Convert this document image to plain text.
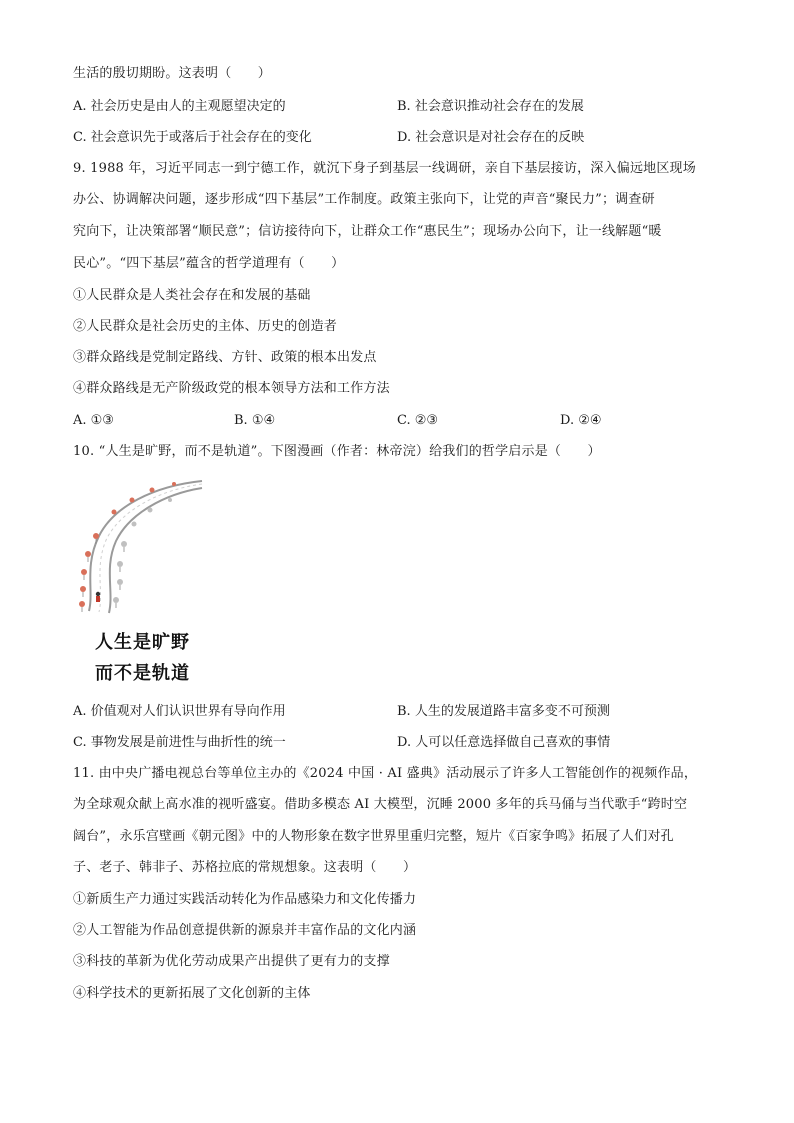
生活的殷切期盼。这表明（　　）
A. 社会历史是由人的主观愿望决定的	B. 社会意识推动社会存在的发展
C. 社会意识先于或落后于社会存在的变化	D. 社会意识是对社会存在的反映
9. 1988 年，习近平同志一到宁德工作，就沉下身子到基层一线调研，亲自下基层接访，深入偏远地区现场
办公、协调解决问题，逐步形成“四下基层”工作制度。政策主张向下，让党的声音“聚民力”；调查研
究向下，让决策部署“顺民意”；信访接待向下，让群众工作“惠民生”；现场办公向下，让一线解题“暖
民心”。“四下基层”蕴含的哲学道理有（　　）
①人民群众是人类社会存在和发展的基础
②人民群众是社会历史的主体、历史的创造者
③群众路线是党制定路线、方针、政策的根本出发点
④群众路线是无产阶级政党的根本领导方法和工作方法
A. ①③	B. ①④	C. ②③	D. ②④
10. “人生是旷野，而不是轨道”。下图漫画（作者：林帝浣）给我们的哲学启示是（　　）
人生是旷野
而不是轨道
A. 价值观对人们认识世界有导向作用	B. 人生的发展道路丰富多变不可预测
C. 事物发展是前进性与曲折性的统一	D. 人可以任意选择做自己喜欢的事情
11. 由中央广播电视总台等单位主办的《2024 中国 · AI 盛典》活动展示了许多人工智能创作的视频作品，
为全球观众献上高水准的视听盛宴。借助多模态 AI 大模型，沉睡 2000 多年的兵马俑与当代歌手“跨时空
阔台”，永乐宫壁画《朝元图》中的人物形象在数字世界里重归完整，短片《百家争鸣》拓展了人们对孔
子、老子、韩非子、苏格拉底的常规想象。这表明（　　）
①新质生产力通过实践活动转化为作品感染力和文化传播力
②人工智能为作品创意提供新的源泉并丰富作品的文化内涵
③科技的革新为优化劳动成果产出提供了更有力的支撑
④科学技术的更新拓展了文化创新的主体
